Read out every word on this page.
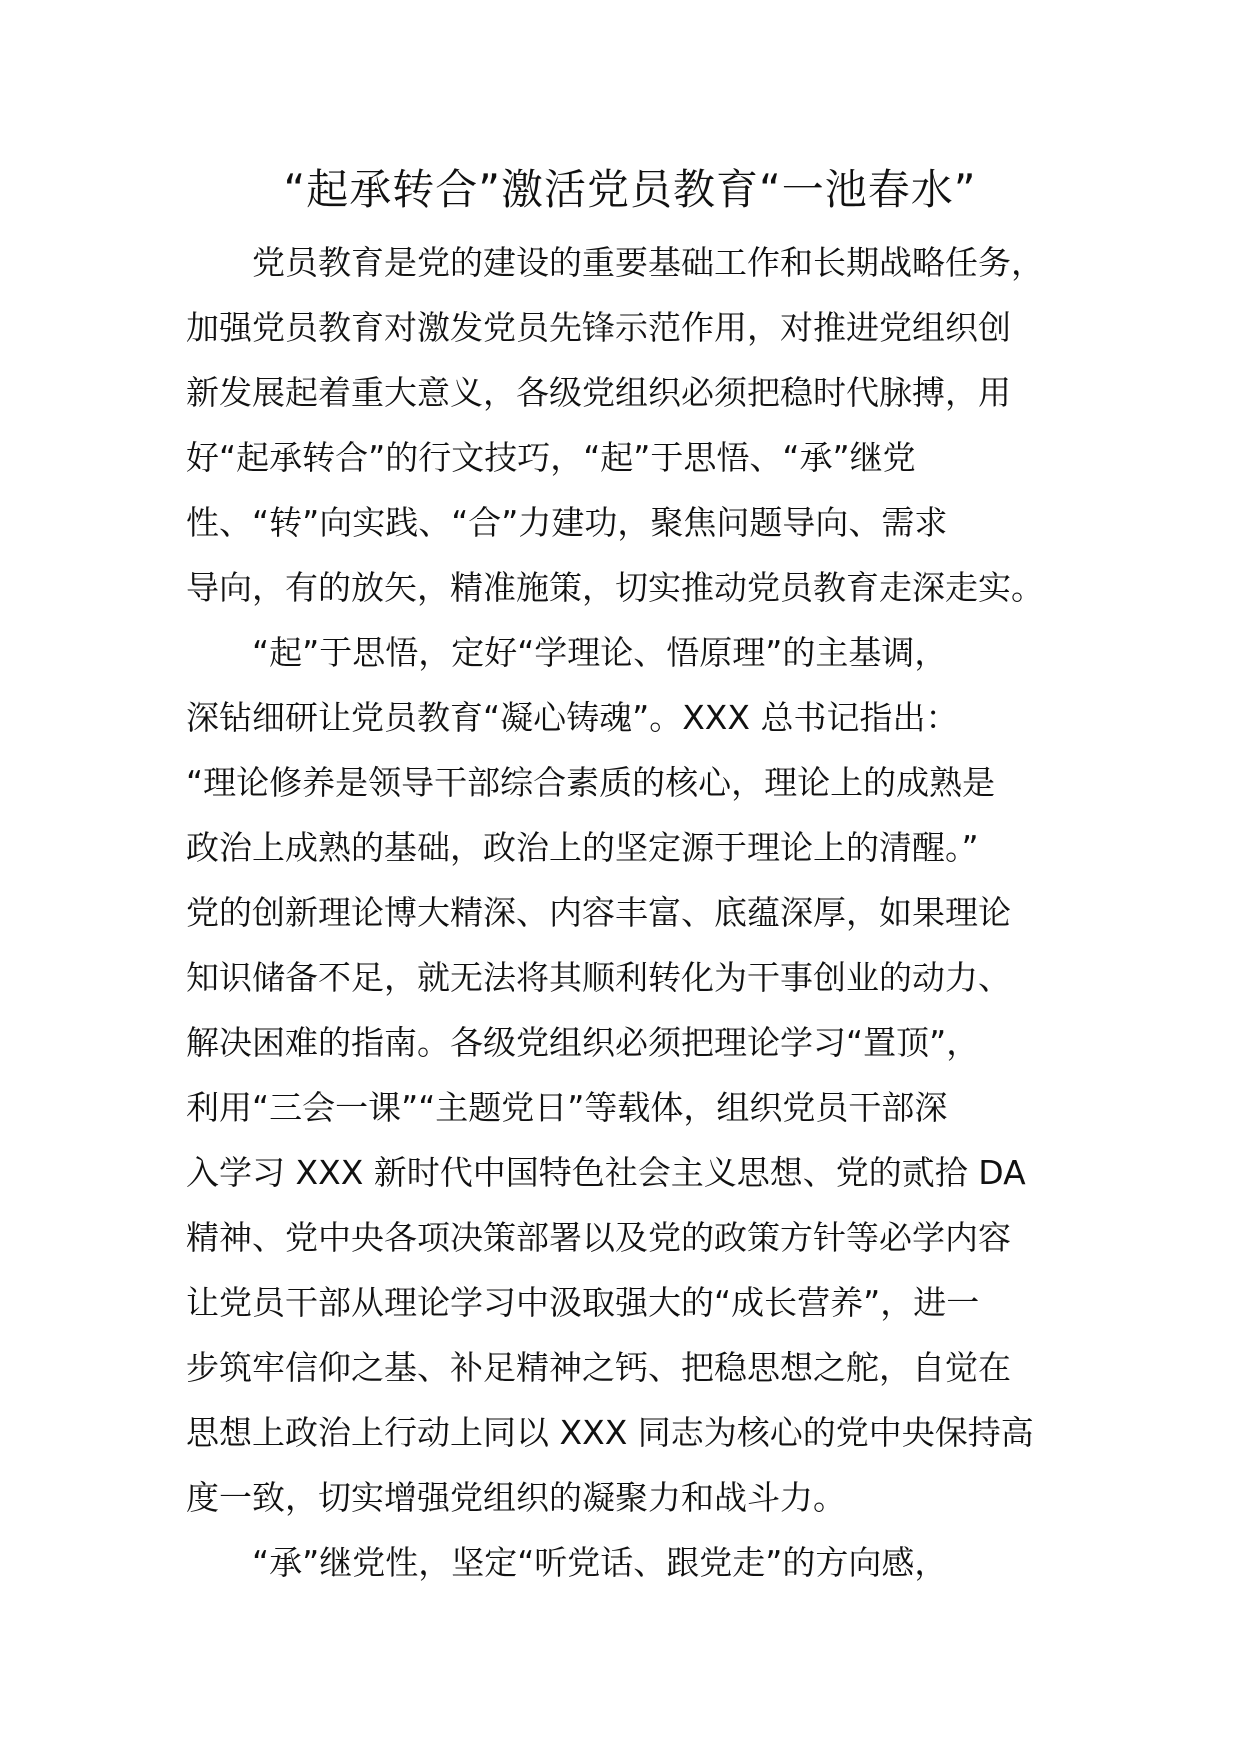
“起承转合”激活党员教育“一池春水”
党员教育是党的建设的重要基础工作和长期战略任务，
加强党员教育对激发党员先锋示范作用，对推进党组织创
新发展起着重大意义，各级党组织必须把稳时代脉搏，用
好“起承转合”的行文技巧，“起”于思悟、“承”继党
性、“转”向实践、“合”力建功，聚焦问题导向、需求
导向，有的放矢，精准施策，切实推动党员教育走深走实。
“起”于思悟，定好“学理论、悟原理”的主基调，
深钻细研让党员教育“凝心铸魂”。XXX 总书记指出：
“理论修养是领导干部综合素质的核心，理论上的成熟是
政治上成熟的基础，政治上的坚定源于理论上的清醒。”
党的创新理论博大精深、内容丰富、底蕴深厚，如果理论
知识储备不足，就无法将其顺利转化为干事创业的动力、
解决困难的指南。各级党组织必须把理论学习“置顶”，
利用“三会一课”“主题党日”等载体，组织党员干部深
入学习 XXX 新时代中国特色社会主义思想、党的贰拾 DA
精神、党中央各项决策部署以及党的政策方针等必学内容
让党员干部从理论学习中汲取强大的“成长营养”，进一
步筑牢信仰之基、补足精神之钙、把稳思想之舵，自觉在
思想上政治上行动上同以 XXX 同志为核心的党中央保持高
度一致，切实增强党组织的凝聚力和战斗力。
“承”继党性，坚定“听党话、跟党走”的方向感，
